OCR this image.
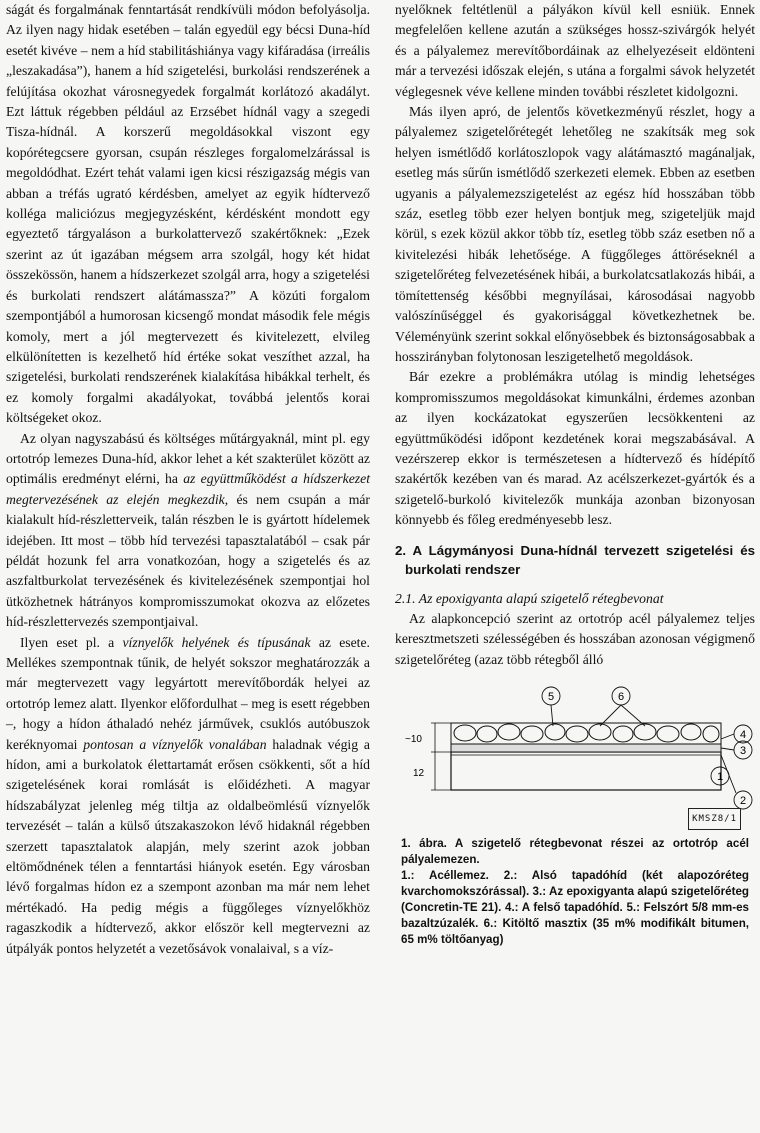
ságát és forgalmának fenntartását rendkívüli módon befolyásolja. Az ilyen nagy hidak esetében – talán egyedül egy bécsi Duna-híd esetét kivéve – nem a híd stabilitáshiánya vagy kifáradása (irreális „leszakadása”), hanem a híd szigetelési, burkolási rendszerének a felújítása okozhat városnegyedek forgalmát korlátozó akadályt. Ezt láttuk régebben például az Erzsébet hídnál vagy a szegedi Tisza-hídnál. A korszerű megoldásokkal viszont egy kopórétegcsere gyorsan, csupán részleges forgalomelzárással is megoldódhat. Ezért tehát valami igen kicsi részigazság mégis van abban a tréfás ugrató kérdésben, amelyet az egyik hídtervező kolléga maliciózus megjegyzésként, kérdésként mondott egy egyeztető tárgyaláson a burkolattervező szakértőknek: „Ezek szerint az út igazában mégsem arra szolgál, hogy két hidat összekössön, hanem a hídszerkezet szolgál arra, hogy a szigetelési és burkolati rendszert alátámassza?” A közúti forgalom szempontjából a humorosan kicsengő mondat második fele mégis komoly, mert a jól megtervezett és kivitelezett, elvileg elkülönítetten is kezelhető híd értéke sokat veszíthet azzal, ha szigetelési, burkolati rendszerének kialakítása hibákkal terhelt, és ez komoly forgalmi akadályokat, továbbá jelentős korai költségeket okoz.

Az olyan nagyszabású és költséges műtárgyaknál, mint pl. egy ortotróp lemezes Duna-híd, akkor lehet a két szakterület között az optimális eredményt elérni, ha az együttműködést a hídszerkezet megtervezésének az elején megkezdik, és nem csupán a már kialakult híd-részletterveik, talán részben le is gyártott hídelemek idejében. Itt most – több híd tervezési tapasztalatából – csak pár példát hozunk fel arra vonatkozóan, hogy a szigetelés és az aszfaltburkolat tervezésének és kivitelezésének szempontjai hol ütközhetnek hátrányos kompromisszumokat okozva az előzetes híd-részlettervezés szempontjaival.

Ilyen eset pl. a víznyelők helyének és típusának az esete. Mellékes szempontnak tűnik, de helyét sokszor meghatározzák a már megtervezett vagy legyártott merevítőbordák helyei az ortotróp lemez alatt. Ilyenkor előfordulhat – meg is esett régebben –, hogy a hídon áthaladó nehéz járművek, csuklós autóbuszok keréknyomai pontosan a víznyelők vonalában haladnak végig a hídon, ami a burkolatok élettartamát erősen csökkenti, sőt a híd szigetelésének korai romlását is előidézheti. A magyar hídszabályzat jelenleg még tiltja az oldalbeömlésű víznyelők tervezését – talán a külső útszakaszokon lévő hidaknál régebben szerzett tapasztalatok alapján, mely szerint azok jobban eltömődnének télen a fenntartási hiányok esetén. Egy városban lévő forgalmas hídon ez a szempont azonban ma már nem lehet mértékadó. Ha pedig mégis a függőleges víznyelőkhöz ragaszkodik a hídtervező, akkor először kell megtervezni az útpályák pontos helyzetét a vezetősávok vonalaival, s a víz-

nyelőknek feltétlenül a pályákon kívül kell esniük. Ennek megfelelően kellene azután a szükséges hossz-szivárgók helyét és a pályalemez merevítőbordáinak az elhelyezéseit eldönteni már a tervezési időszak elején, s utána a forgalmi sávok helyzetét véglegesnek véve kellene minden további részletet kidolgozni.

Más ilyen apró, de jelentős következményű részlet, hogy a pályalemez szigetelőrétegét lehetőleg ne szakítsák meg sok helyen ismétlődő korlátoszlopok vagy alátámasztó magánaljak, esetleg más sűrűn ismétlődő szerkezeti elemek. Ebben az esetben ugyanis a pályalemezszigetelést az egész híd hosszában több száz, esetleg több ezer helyen bontjuk meg, szigeteljük majd körül, s ezek közül akkor több tíz, esetleg több száz esetben nő a kivitelezési hibák lehetősége. A függőleges áttöréseknél a szigetelőréteg felvezetésének hibái, a burkolatcsatlakozás hibái, a tömítettenség későbbi megnyílásai, károsodásai nagyobb valószínűséggel és gyakorisággal következhetnek be. Véleményünk szerint sokkal előnyösebbek és biztonságosabbak a hosszirányban folytonosan leszigetelhető megoldások.

Bár ezekre a problémákra utólag is mindig lehetséges kompromisszumos megoldásokat kimunkálni, érdemes azonban az ilyen kockázatokat egyszerűen lecsökkenteni az együttműködési időpont kezdetének korai megszabásával. A vezérszerep ekkor is természetesen a hídtervező és hídépítő szakértők kezében van és marad. Az acélszerkezet-gyártók és a szigetelő-burkoló kivitelezők munkája azonban bizonyosan könnyebb és főleg eredményesebb lesz.

2. A Lágymányosi Duna-hídnál tervezett szigetelési és burkolati rendszer

2.1. Az epoxigyanta alapú szigetelő rétegbevonat

Az alapkoncepció szerint az ortotróp acél pályalemez teljes keresztmetszeti szélességében és hosszában azonosan végigmenő szigetelőréteg (azaz több rétegből álló

~10
12
5	6
4
3
2
1
KMSZ8/1

1. ábra. A szigetelő rétegbevonat részei az ortotróp acél pályalemezen.

1.: Acéllemez. 2.: Alsó tapadóhíd (két alapozóréteg kvarchomokszórással). 3.: Az epoxigyanta alapú szigetelőréteg (Concretin-TE 21). 4.: A felső tapadóhíd. 5.: Felszórt 5/8 mm-es bazaltzúzalék. 6.: Kitöltő masztix (35 m% modifikált bitumen, 65 m% töltőanyag)
